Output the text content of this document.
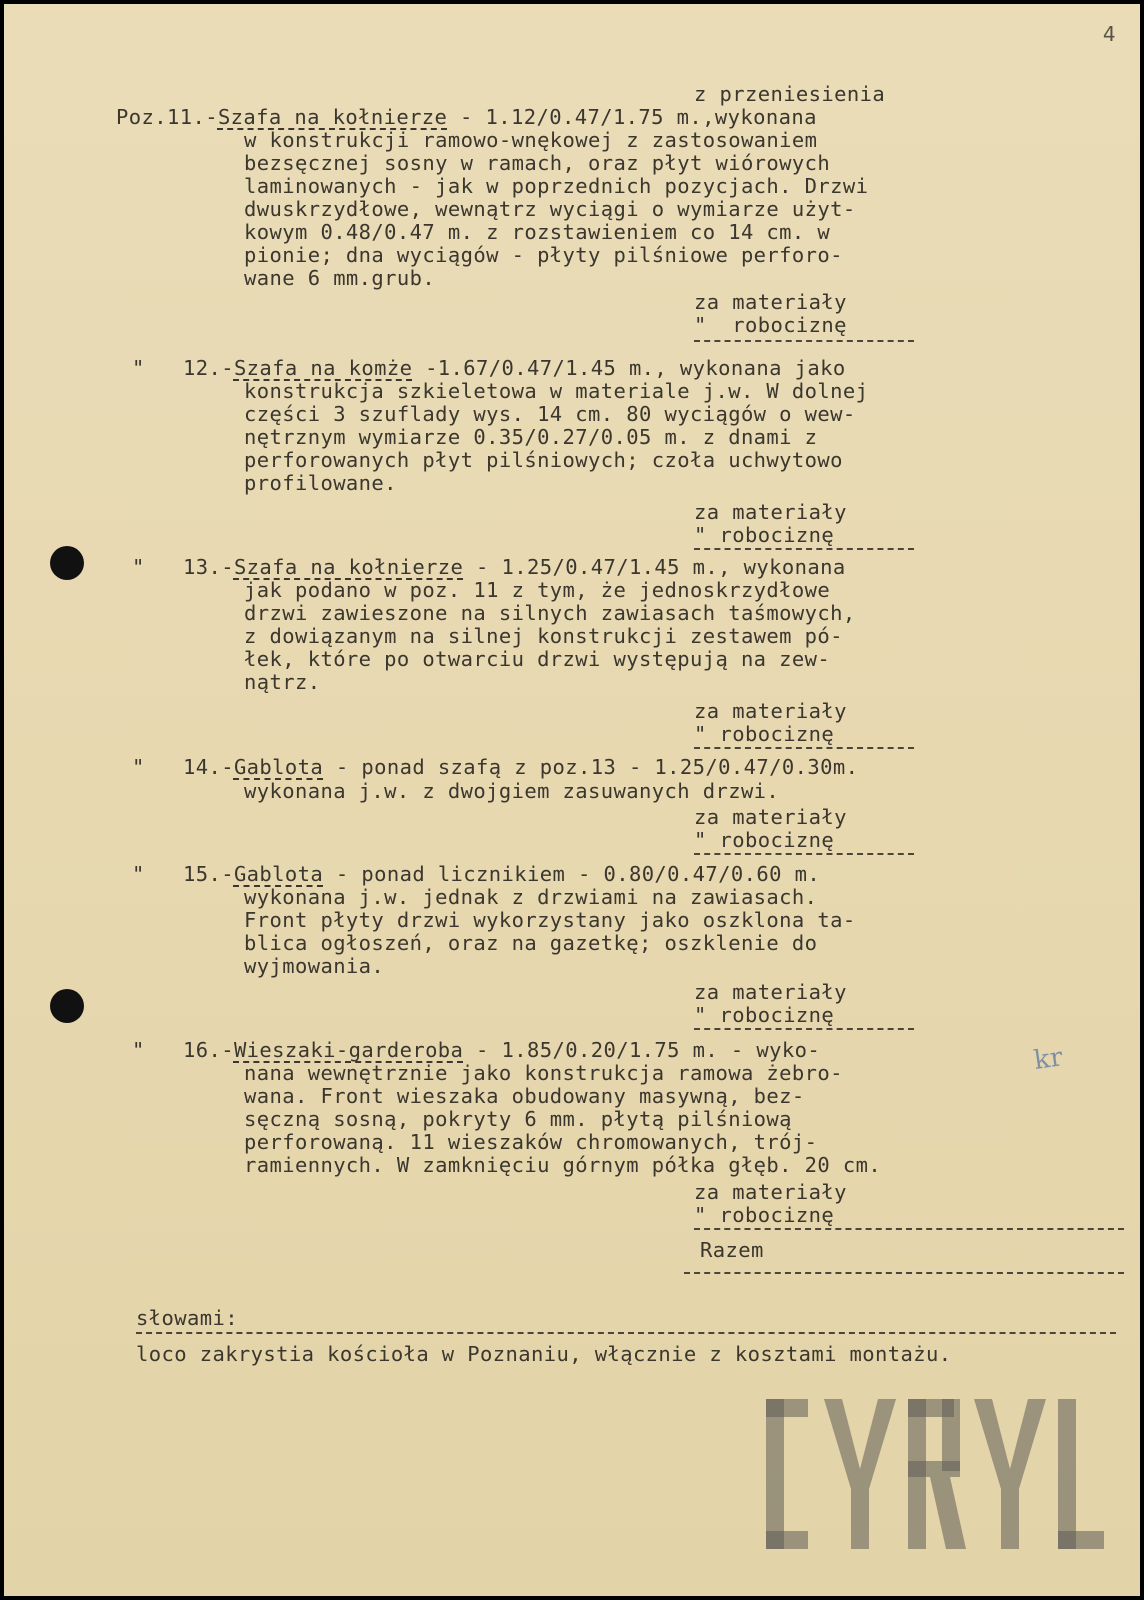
4
z przeniesienia
Poz.11.-Szafa na kołnierze - 1.12/0.47/1.75 m.,wykonana
w konstrukcji ramowo-wnękowej z zastosowaniem
bezsęcznej sosny w ramach, oraz płyt wiórowych
laminowanych - jak w poprzednich pozycjach. Drzwi
dwuskrzydłowe, wewnątrz wyciągi o wymiarze użyt-
kowym 0.48/0.47 m. z rozstawieniem co 14 cm. w
pionie; dna wyciągów - płyty pilśniowe perforo-
wane 6 mm.grub.
za materiały
"  robociznę
"   12.-Szafa na komże -1.67/0.47/1.45 m., wykonana jako
konstrukcja szkieletowa w materiale j.w. W dolnej
części 3 szuflady wys. 14 cm. 80 wyciągów o wew-
nętrznym wymiarze 0.35/0.27/0.05 m. z dnami z
perforowanych płyt pilśniowych; czoła uchwytowo
profilowane.
za materiały
" robociznę
"   13.-Szafa na kołnierze - 1.25/0.47/1.45 m., wykonana
jak podano w poz. 11 z tym, że jednoskrzydłowe
drzwi zawieszone na silnych zawiasach taśmowych,
z dowiązanym na silnej konstrukcji zestawem pó-
łek, które po otwarciu drzwi występują na zew-
nątrz.
za materiały
" robociznę
"   14.-Gablota - ponad szafą z poz.13 - 1.25/0.47/0.30m.
wykonana j.w. z dwojgiem zasuwanych drzwi.
za materiały
" robociznę
"   15.-Gablota - ponad licznikiem - 0.80/0.47/0.60 m.
wykonana j.w. jednak z drzwiami na zawiasach.
Front płyty drzwi wykorzystany jako oszklona ta-
blica ogłoszeń, oraz na gazetkę; oszklenie do
wyjmowania.
za materiały
" robociznę
"   16.-Wieszaki-garderoba - 1.85/0.20/1.75 m. - wyko-
nana wewnętrznie jako konstrukcja ramowa żebro-
wana. Front wieszaka obudowany masywną, bez-
sęczną sosną, pokryty 6 mm. płytą pilśniową
perforowaną. 11 wieszaków chromowanych, trój-
ramiennych. W zamknięciu górnym półka głęb. 20 cm.
za materiały
" robociznę
kr
Razem
słowami:
loco zakrystia kościoła w Poznaniu, włącznie z kosztami montażu.
